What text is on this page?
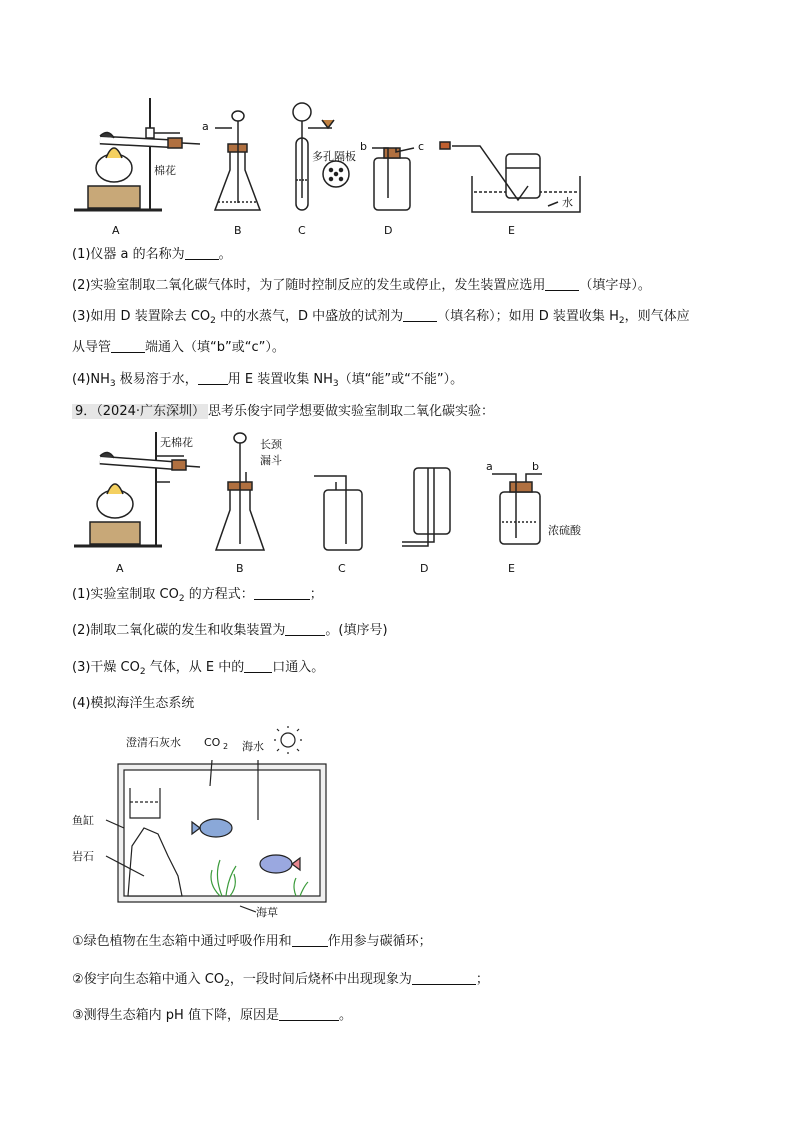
a
b	c
棉花
多孔隔板
水
A	B	C	D	E
(1)仪器 a 的名称为	。
(2)实验室制取二氧化碳气体时，为了随时控制反应的发生或停止，发生装置应选用	（填字母）。
(3)如用 D 装置除去 $CO_2$ 中的水蒸气，D 中盛放的试剂为	（填名称）；如用 D 装置收集 $H_2$，则气体应
从导管	端通入（填“b”或“c”）。
$(4)NH_3$ 极易溶于水， 用 E 装置收集 $NH_3$（填“能”或“不能”）。
9．（2024·广东深圳） 思考乐俊宇同学想要做实验室制取二氧化碳实验：
无棉花	长颈
漏斗	a	b
浓硫酸
A	B	C	D	E
(1)实验室制取 $CO_2$ 的方程式：	；
(2)制取二氧化碳的发生和收集装置为	。(填序号)
(3)干燥 $CO_2$ 气体，从 E 中的 口通入。
(4)模拟海洋生态系统
澄清石灰水 CO 2 海水
鱼缸
岩石
海草
①绿色植物在生态箱中通过呼吸作用和	作用参与碳循环；
②俊宇向生态箱中通入 $CO_2$，一段时间后烧杯中出现现象为	；
③测得生态箱内 pH 值下降，原因是	。
